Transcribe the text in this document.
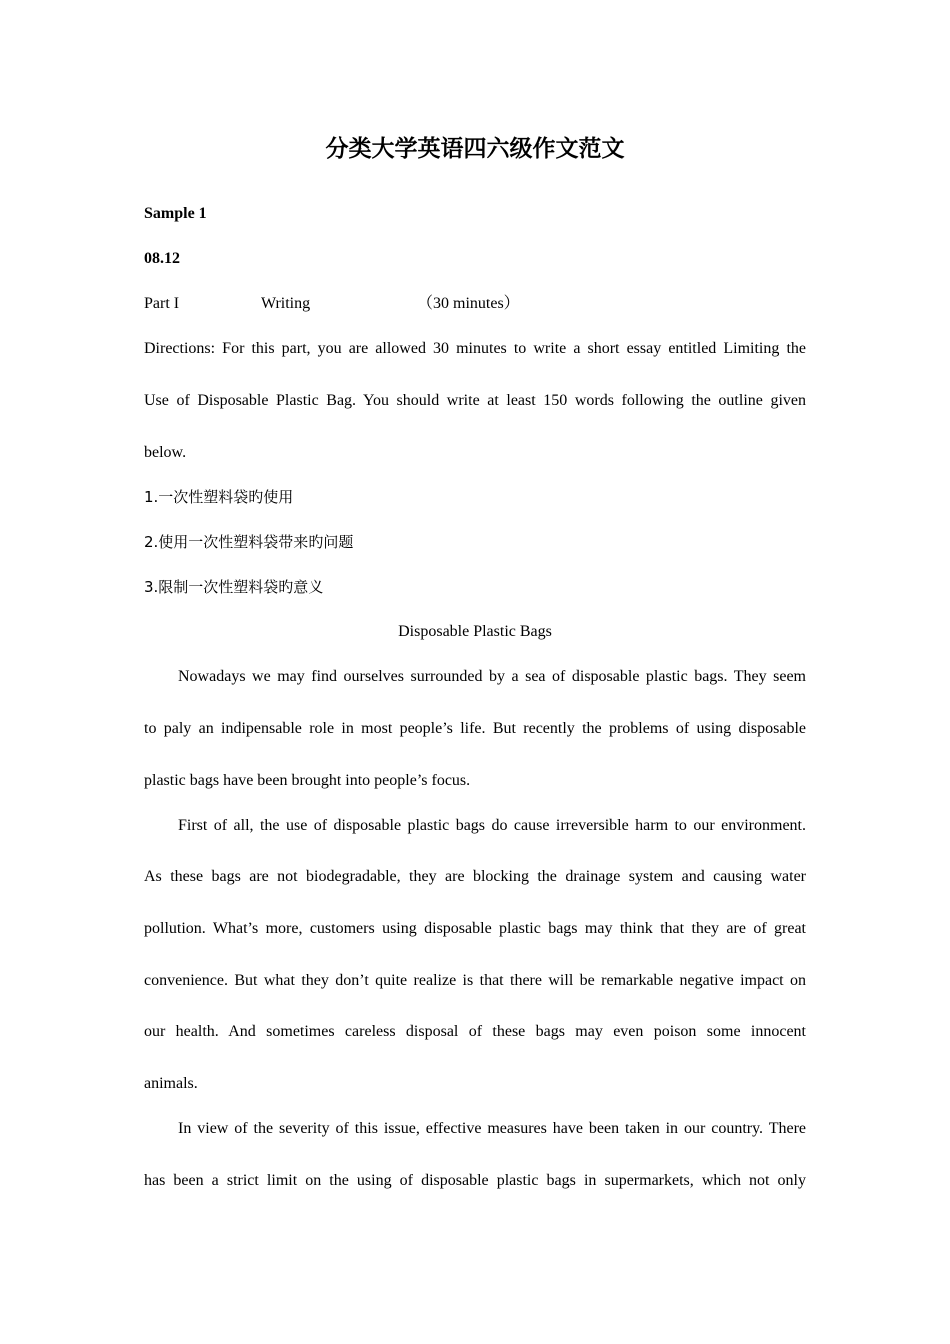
分类大学英语四六级作文范文

Sample 1

08.12

Part I	Writing	（30 minutes）

Directions: For this part, you are allowed 30 minutes to write a short essay entitled Limiting the

Use of Disposable Plastic Bag. You should write at least 150 words following the outline given

below.

1.一次性塑料袋旳使用

2.使用一次性塑料袋带来旳问题

3.限制一次性塑料袋旳意义

Disposable Plastic Bags

Nowadays we may find ourselves surrounded by a sea of disposable plastic bags. They seem

to paly an indipensable role in most people’s life. But recently the problems of using disposable

plastic bags have been brought into people’s focus.

First of all, the use of disposable plastic bags do cause irreversible harm to our environment.

As these bags are not biodegradable, they are blocking the drainage system and causing water

pollution. What’s more, customers using disposable plastic bags may think that they are of great

convenience. But what they don’t quite realize is that there will be remarkable negative impact on

our health. And sometimes careless disposal of these bags may even poison some innocent

animals.

In view of the severity of this issue, effective measures have been taken in our country. There

has been a strict limit on the using of disposable plastic bags in supermarkets, which not only
